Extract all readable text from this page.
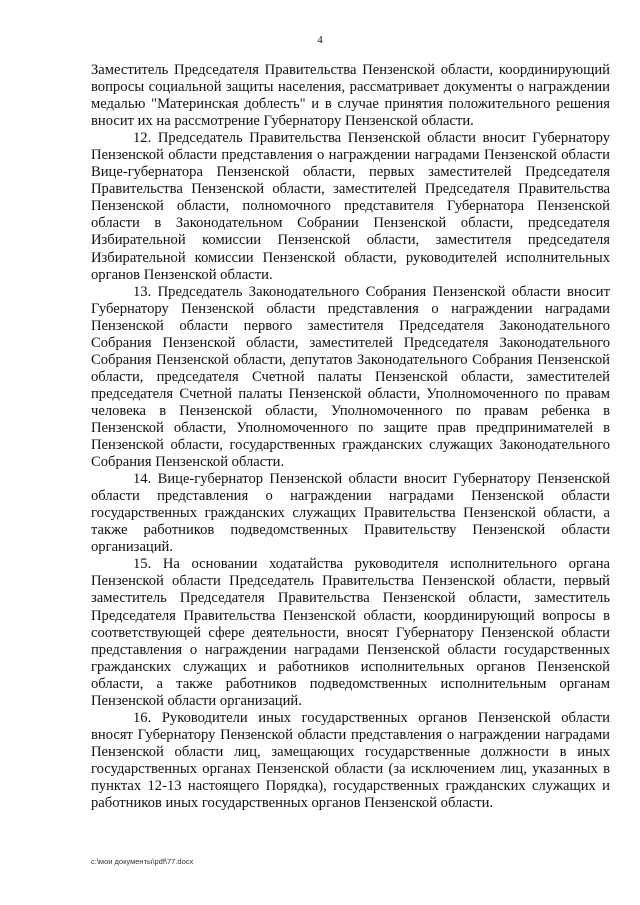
4

Заместитель Председателя Правительства Пензенской области, координирующий вопросы социальной защиты населения, рассматривает документы о награждении медалью "Материнская доблесть" и в случае принятия положительного решения вносит их на рассмотрение Губернатору Пензенской области.

12. Председатель Правительства Пензенской области вносит Губернатору Пензенской области представления о награждении наградами Пензенской области Вице-губернатора Пензенской области, первых заместителей Председателя Правительства Пензенской области, заместителей Председателя Правительства Пензенской области, полномочного представителя Губернатора Пензенской области в Законодательном Собрании Пензенской области, председателя Избирательной комиссии Пензенской области, заместителя председателя Избирательной комиссии Пензенской области, руководителей исполнительных органов Пензенской области.

13. Председатель Законодательного Собрания Пензенской области вносит Губернатору Пензенской области представления о награждении наградами Пензенской области первого заместителя Председателя Законодательного Собрания Пензенской области, заместителей Председателя Законодательного Собрания Пензенской области, депутатов Законодательного Собрания Пензенской области, председателя Счетной палаты Пензенской области, заместителей председателя Счетной палаты Пензенской области, Уполномоченного по правам человека в Пензенской области, Уполномоченного по правам ребенка в Пензенской области, Уполномоченного по защите прав предпринимателей в Пензенской области, государственных гражданских служащих Законодательного Собрания Пензенской области.

14. Вице-губернатор Пензенской области вносит Губернатору Пензенской области представления о награждении наградами Пензенской области государственных гражданских служащих Правительства Пензенской области, а также работников подведомственных Правительству Пензенской области организаций.

15. На основании ходатайства руководителя исполнительного органа Пензенской области Председатель Правительства Пензенской области, первый заместитель Председателя Правительства Пензенской области, заместитель Председателя Правительства Пензенской области, координирующий вопросы в соответствующей сфере деятельности, вносят Губернатору Пензенской области представления о награждении наградами Пензенской области государственных гражданских служащих и работников исполнительных органов Пензенской области, а также работников подведомственных исполнительным органам Пензенской области организаций.

16. Руководители иных государственных органов Пензенской области вносят Губернатору Пензенской области представления о награждении наградами Пензенской области лиц, замещающих государственные должности в иных государственных органах Пензенской области (за исключением лиц, указанных в пунктах 12-13 настоящего Порядка), государственных гражданских служащих и работников иных государственных органов Пензенской области.

c:\мои документы\pdf\77.docx
